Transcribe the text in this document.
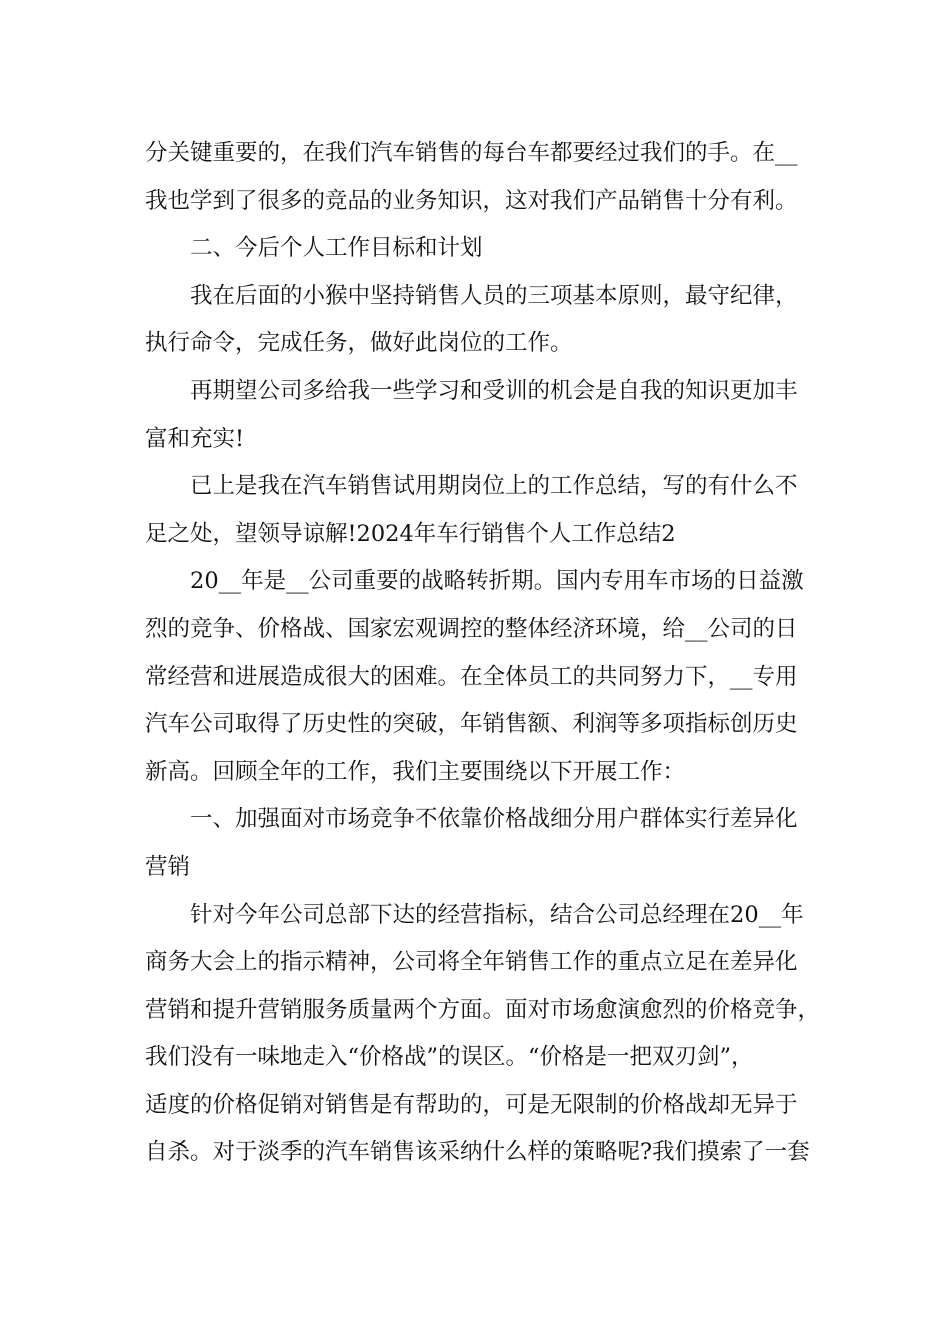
分关键重要的，在我们汽车销售的每台车都要经过我们的手。在__
我也学到了很多的竞品的业务知识，这对我们产品销售十分有利。
二、今后个人工作目标和计划
我在后面的小猴中坚持销售人员的三项基本原则，最守纪律，
执行命令，完成任务，做好此岗位的工作。
再期望公司多给我一些学习和受训的机会是自我的知识更加丰
富和充实!
已上是我在汽车销售试用期岗位上的工作总结，写的有什么不
足之处，望领导谅解!2024年车行销售个人工作总结2
20__年是__公司重要的战略转折期。国内专用车市场的日益激
烈的竞争、价格战、国家宏观调控的整体经济环境，给__公司的日
常经营和进展造成很大的困难。在全体员工的共同努力下，__专用
汽车公司取得了历史性的突破，年销售额、利润等多项指标创历史
新高。回顾全年的工作，我们主要围绕以下开展工作：
一、加强面对市场竞争不依靠价格战细分用户群体实行差异化
营销
针对今年公司总部下达的经营指标，结合公司总经理在20__年
商务大会上的指示精神，公司将全年销售工作的重点立足在差异化
营销和提升营销服务质量两个方面。面对市场愈演愈烈的价格竞争，
我们没有一味地走入“价格战”的误区。“价格是一把双刃剑”，
适度的价格促销对销售是有帮助的，可是无限制的价格战却无异于
自杀。对于淡季的汽车销售该采纳什么样的策略呢?我们摸索了一套
